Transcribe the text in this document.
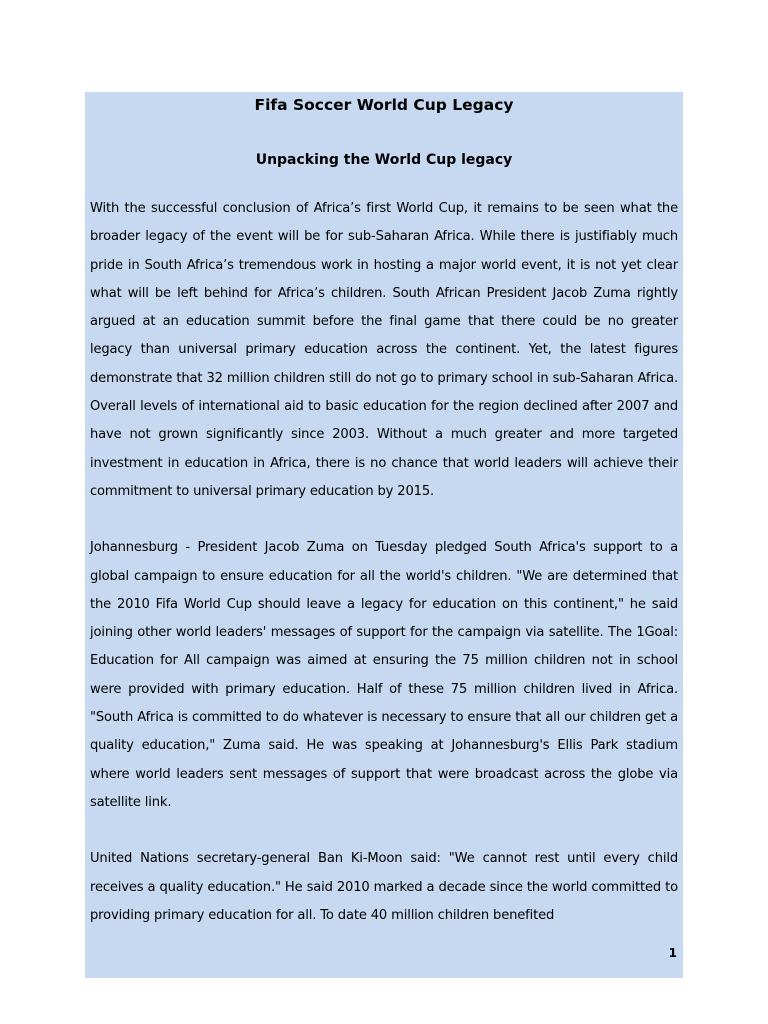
Fifa Soccer World Cup Legacy
Unpacking the World Cup legacy

With the successful conclusion of Africa’s first World Cup, it remains to be seen what the broader legacy of the event will be for sub-Saharan Africa. While there is justifiably much pride in South Africa’s tremendous work in hosting a major world event, it is not yet clear what will be left behind for Africa’s children. South African President Jacob Zuma rightly argued at an education summit before the final game that there could be no greater legacy than universal primary education across the continent. Yet, the latest figures demonstrate that 32 million children still do not go to primary school in sub-Saharan Africa. Overall levels of international aid to basic education for the region declined after 2007 and have not grown significantly since 2003. Without a much greater and more targeted investment in education in Africa, there is no chance that world leaders will achieve their commitment to universal primary education by 2015.

Johannesburg - President Jacob Zuma on Tuesday pledged South Africa's support to a global campaign to ensure education for all the world's children. "We are determined that the 2010 Fifa World Cup should leave a legacy for education on this continent," he said joining other world leaders' messages of support for the campaign via satellite. The 1Goal: Education for All campaign was aimed at ensuring the 75 million children not in school were provided with primary education. Half of these 75 million children lived in Africa. "South Africa is committed to do whatever is necessary to ensure that all our children get a quality education," Zuma said. He was speaking at Johannesburg's Ellis Park stadium where world leaders sent messages of support that were broadcast across the globe via satellite link.

United Nations secretary-general Ban Ki-Moon said: "We cannot rest until every child receives a quality education." He said 2010 marked a decade since the world committed to providing primary education for all. To date 40 million children benefited

1
